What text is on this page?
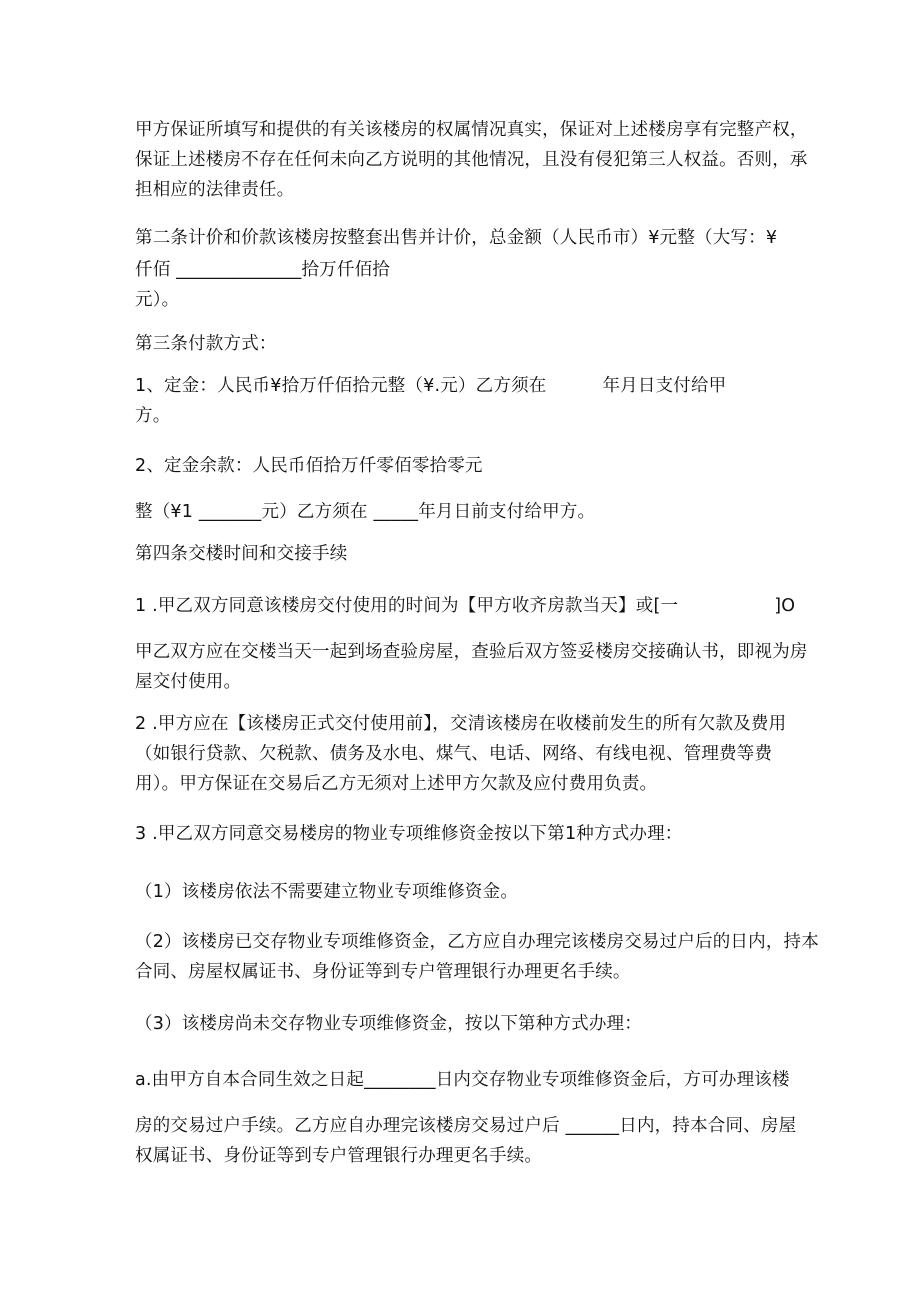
甲方保证所填写和提供的有关该楼房的权属情况真实，保证对上述楼房享有完整产权，
保证上述楼房不存在任何未向乙方说明的其他情况，且没有侵犯第三人权益。否则，承
担相应的法律责任。
第二条计价和价款该楼房按整套出售并计价，总金额（人民币市）¥元整（大写：¥
仟佰 ______________拾万仟佰拾
元）。
第三条付款方式：
1、定金：人民币¥拾万仟佰拾元整（¥.元）乙方须在	年月日支付给甲
方。
2、定金余款：人民币佰拾万仟零佰零拾零元
整（¥1 _______元）乙方须在 _____年月日前支付给甲方。
第四条交楼时间和交接手续
1 .甲乙双方同意该楼房交付使用的时间为【甲方收齐房款当天】或[一	]O
甲乙双方应在交楼当天一起到场查验房屋，查验后双方签妥楼房交接确认书，即视为房
屋交付使用。
2 .甲方应在【该楼房正式交付使用前】，交清该楼房在收楼前发生的所有欠款及费用
（如银行贷款、欠税款、债务及水电、煤气、电话、网络、有线电视、管理费等费
用）。甲方保证在交易后乙方无须对上述甲方欠款及应付费用负责。
3 .甲乙双方同意交易楼房的物业专项维修资金按以下第1种方式办理：
（1）该楼房依法不需要建立物业专项维修资金。
（2）该楼房已交存物业专项维修资金，乙方应自办理完该楼房交易过户后的日内，持本
合同、房屋权属证书、身份证等到专户管理银行办理更名手续。
（3）该楼房尚未交存物业专项维修资金，按以下第种方式办理：
a.由甲方自本合同生效之日起________日内交存物业专项维修资金后，方可办理该楼
房的交易过户手续。乙方应自办理完该楼房交易过户后 ______日内，持本合同、房屋
权属证书、身份证等到专户管理银行办理更名手续。
